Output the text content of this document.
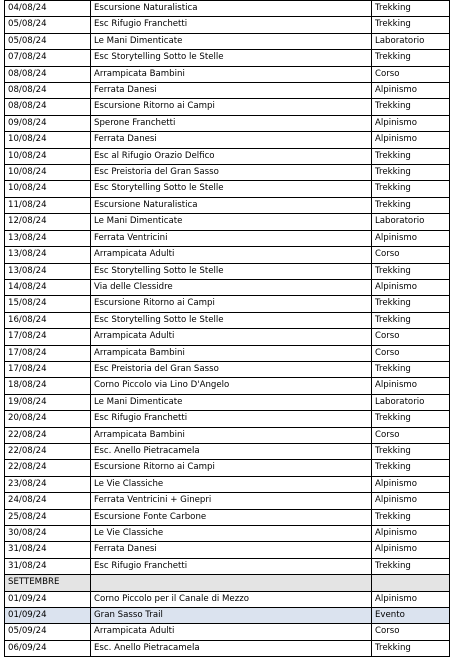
04/08/24	Escursione Naturalistica	Trekking
05/08/24	Esc Rifugio Franchetti	Trekking
05/08/24	Le Mani Dimenticate	Laboratorio
07/08/24	Esc Storytelling Sotto le Stelle	Trekking
08/08/24	Arrampicata Bambini	Corso
08/08/24	Ferrata Danesi	Alpinismo
08/08/24	Escursione Ritorno ai Campi	Trekking
09/08/24	Sperone Franchetti	Alpinismo
10/08/24	Ferrata Danesi	Alpinismo
10/08/24	Esc al Rifugio Orazio Delfico	Trekking
10/08/24	Esc Preistoria del Gran Sasso	Trekking
10/08/24	Esc Storytelling Sotto le Stelle	Trekking
11/08/24	Escursione Naturalistica	Trekking
12/08/24	Le Mani Dimenticate	Laboratorio
13/08/24	Ferrata Ventricini	Alpinismo
13/08/24	Arrampicata Adulti	Corso
13/08/24	Esc Storytelling Sotto le Stelle	Trekking
14/08/24	Via delle Clessidre	Alpinismo
15/08/24	Escursione Ritorno ai Campi	Trekking
16/08/24	Esc Storytelling Sotto le Stelle	Trekking
17/08/24	Arrampicata Adulti	Corso
17/08/24	Arrampicata Bambini	Corso
17/08/24	Esc Preistoria del Gran Sasso	Trekking
18/08/24	Corno Piccolo via Lino D'Angelo	Alpinismo
19/08/24	Le Mani Dimenticate	Laboratorio
20/08/24	Esc Rifugio Franchetti	Trekking
22/08/24	Arrampicata Bambini	Corso
22/08/24	Esc. Anello Pietracamela	Trekking
22/08/24	Escursione Ritorno ai Campi	Trekking
23/08/24	Le Vie Classiche	Alpinismo
24/08/24	Ferrata Ventricini + Ginepri	Alpinismo
25/08/24	Escursione Fonte Carbone	Trekking
30/08/24	Le Vie Classiche	Alpinismo
31/08/24	Ferrata Danesi	Alpinismo
31/08/24	Esc Rifugio Franchetti	Trekking
SETTEMBRE		
01/09/24	Corno Piccolo per il Canale di Mezzo	Alpinismo
01/09/24	Gran Sasso Trail	Evento
05/09/24	Arrampicata Adulti	Corso
06/09/24	Esc. Anello Pietracamela	Trekking
